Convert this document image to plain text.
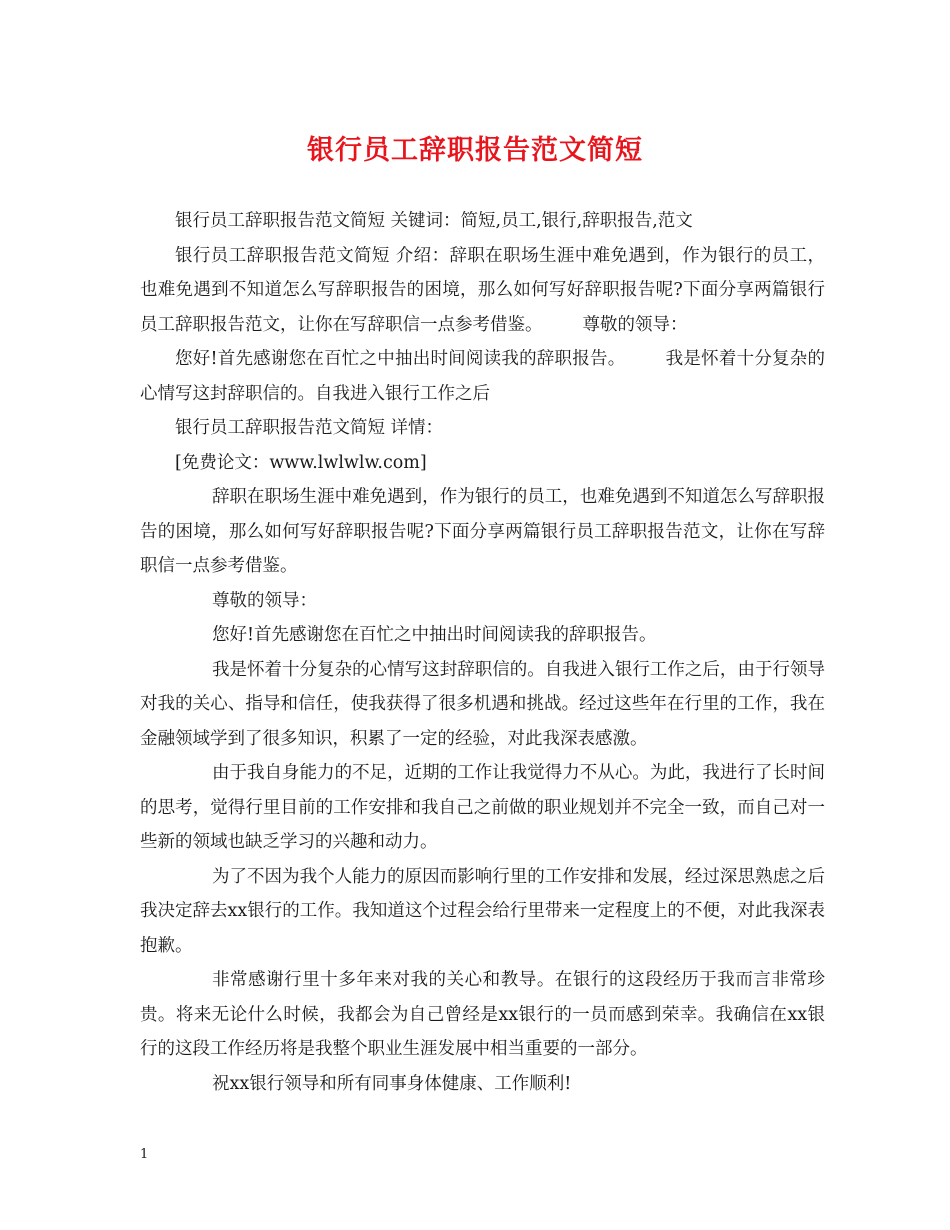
银行员工辞职报告范文简短

银行员工辞职报告范文简短 关键词：简短,员工,银行,辞职报告,范文

银行员工辞职报告范文简短 介绍：辞职在职场生涯中难免遇到，作为银行的员工，也难免遇到不知道怎么写辞职报告的困境，那么如何写好辞职报告呢?下面分享两篇银行员工辞职报告范文，让你在写辞职信一点参考借鉴。 尊敬的领导：

您好!首先感谢您在百忙之中抽出时间阅读我的辞职报告。 我是怀着十分复杂的心情写这封辞职信的。自我进入银行工作之后

银行员工辞职报告范文简短 详情：

[免费论文：www.lwlwlw.com]

辞职在职场生涯中难免遇到，作为银行的员工，也难免遇到不知道怎么写辞职报告的困境，那么如何写好辞职报告呢?下面分享两篇银行员工辞职报告范文，让你在写辞职信一点参考借鉴。

尊敬的领导：

您好!首先感谢您在百忙之中抽出时间阅读我的辞职报告。

我是怀着十分复杂的心情写这封辞职信的。自我进入银行工作之后，由于行领导对我的关心、指导和信任，使我获得了很多机遇和挑战。经过这些年在行里的工作，我在金融领域学到了很多知识，积累了一定的经验，对此我深表感激。

由于我自身能力的不足，近期的工作让我觉得力不从心。为此，我进行了长时间的思考，觉得行里目前的工作安排和我自己之前做的职业规划并不完全一致，而自己对一些新的领域也缺乏学习的兴趣和动力。

为了不因为我个人能力的原因而影响行里的工作安排和发展，经过深思熟虑之后我决定辞去xx银行的工作。我知道这个过程会给行里带来一定程度上的不便，对此我深表抱歉。

非常感谢行里十多年来对我的关心和教导。在银行的这段经历于我而言非常珍贵。将来无论什么时候，我都会为自己曾经是xx银行的一员而感到荣幸。我确信在xx银行的这段工作经历将是我整个职业生涯发展中相当重要的一部分。

祝xx银行领导和所有同事身体健康、工作顺利!

1
